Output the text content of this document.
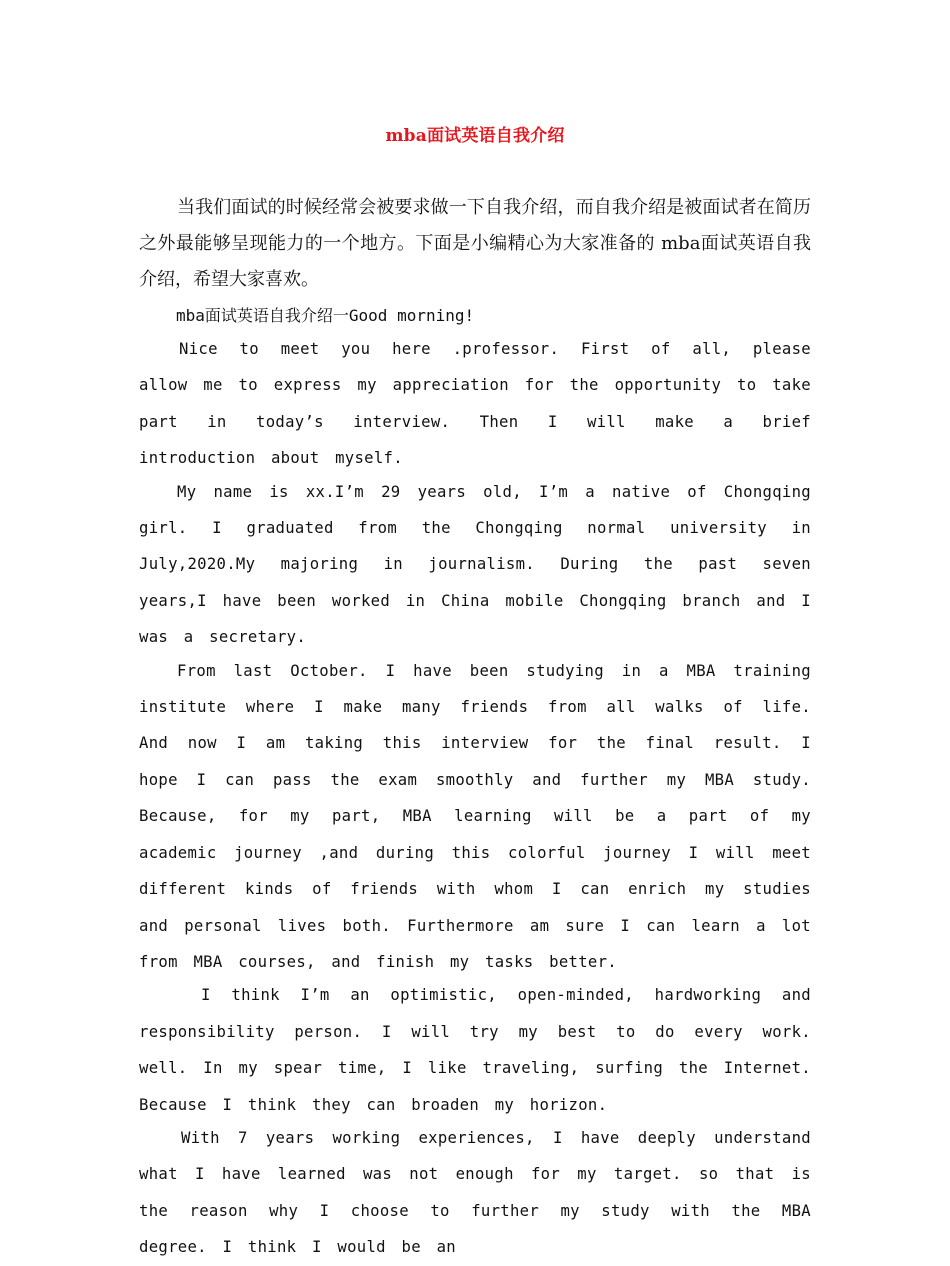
mba面试英语自我介绍

当我们面试的时候经常会被要求做一下自我介绍，而自我介绍是被面试者在简历之外最能够呈现能力的一个地方。下面是小编精心为大家准备的 mba面试英语自我介绍，希望大家喜欢。

mba面试英语自我介绍一Good morning!

Nice to meet you here .professor. First of all, please allow me to express my appreciation for the opportunity to take part in today’s interview. Then I will make a brief introduction about myself.

My name is xx.I’m 29 years old, I’m a native of Chongqing girl. I graduated from the Chongqing normal university in July,2020.My majoring in journalism. During the past seven years,I have been worked in China mobile Chongqing branch and I was a secretary.

From last October. I have been studying in a MBA training institute where I make many friends from all walks of life. And now I am taking this interview for the final result. I hope I can pass the exam smoothly and further my MBA study. Because, for my part, MBA learning will be a part of my academic journey ,and during this colorful journey I will meet different kinds of friends with whom I can enrich my studies and personal lives both. Furthermore am sure I can learn a lot from MBA courses, and finish my tasks better.

I think I’m an optimistic, open-minded, hardworking and responsibility person. I will try my best to do every work. well. In my spear time, I like traveling, surfing the Internet. Because I think they can broaden my horizon.

With 7 years working experiences, I have deeply understand what I have learned was not enough for my target. so that is the reason why I choose to further my study with the MBA degree. I think I would be an
